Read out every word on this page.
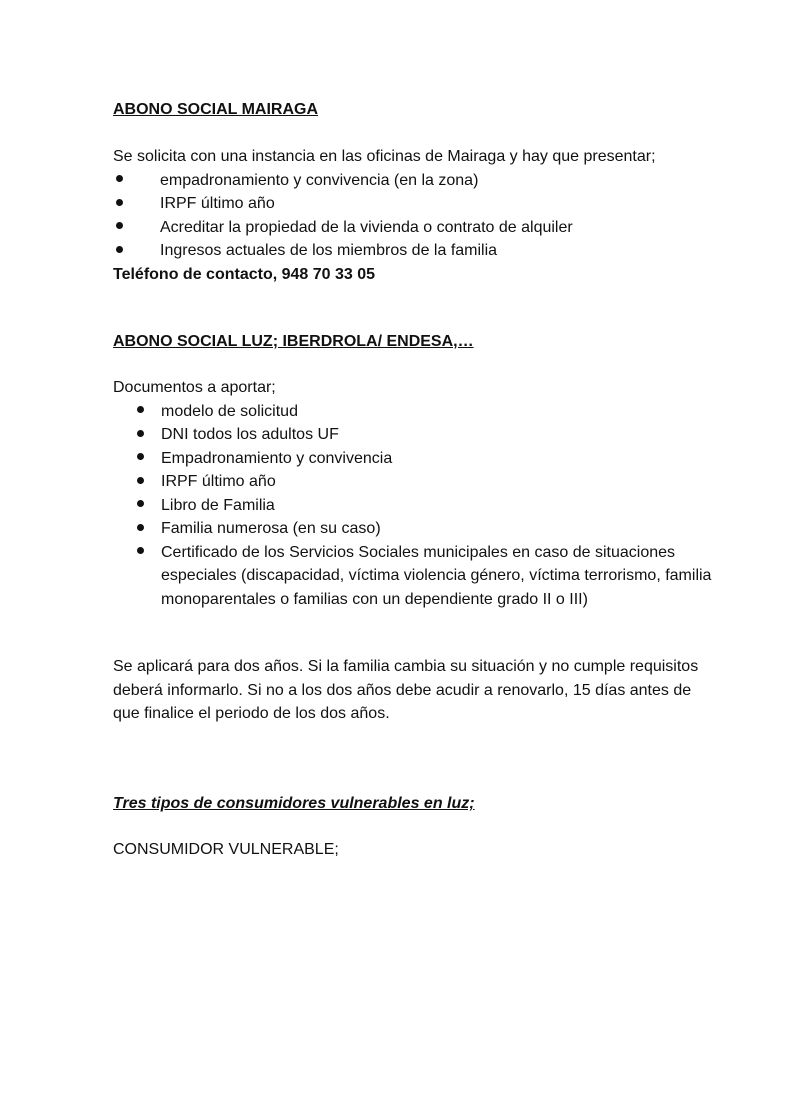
ABONO SOCIAL MAIRAGA

Se solicita con una instancia en las oficinas de Mairaga y hay que presentar;

empadronamiento y convivencia (en la zona)
IRPF último año
Acreditar la propiedad de la vivienda o contrato de alquiler
Ingresos actuales de los miembros de la familia

Teléfono de contacto, 948 70 33 05

ABONO SOCIAL LUZ; IBERDROLA/ ENDESA,…

Documentos a aportar;

modelo de solicitud
DNI todos los adultos UF
Empadronamiento y convivencia
IRPF último año
Libro de Familia
Familia numerosa (en su caso)
Certificado de los Servicios Sociales municipales en caso de situaciones especiales (discapacidad, víctima violencia género, víctima terrorismo, familia monoparentales o familias con un dependiente grado II o III)

Se aplicará para dos años. Si la familia cambia su situación y no cumple requisitos deberá informarlo. Si no a los dos años debe acudir a renovarlo, 15 días antes de que finalice el periodo de los dos años.

Tres tipos de consumidores vulnerables en luz;

CONSUMIDOR VULNERABLE;
